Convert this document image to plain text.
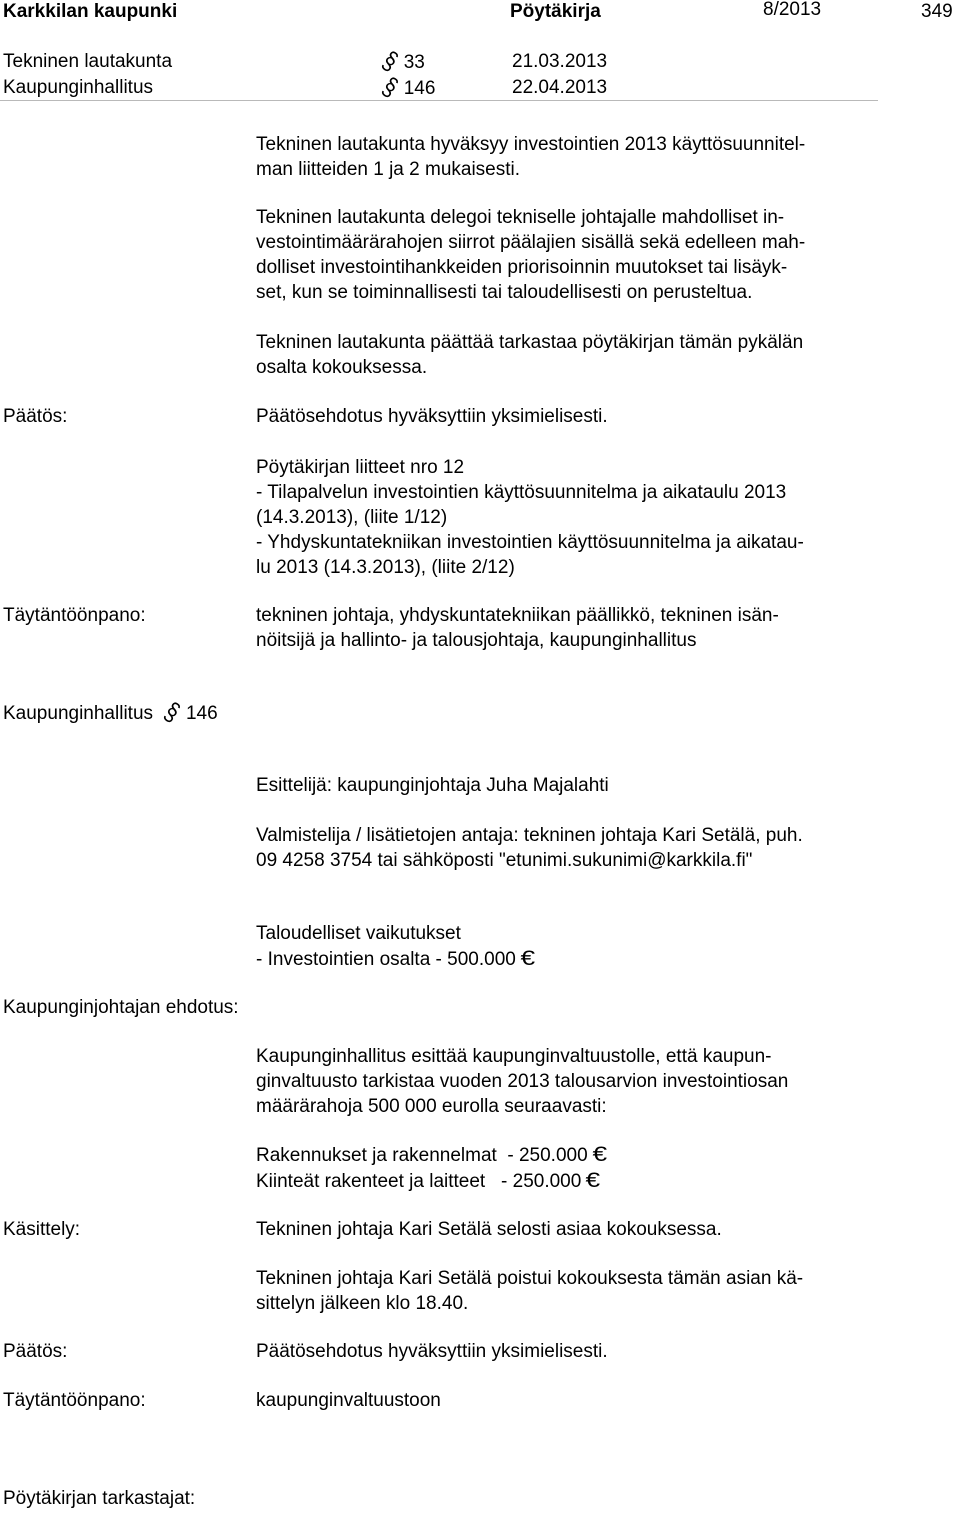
Karkkilan kaupunki	Pöytäkirja	8/2013	349
Tekninen lautakunta	§33	21.03.2013
Kaupunginhallitus	§146	22.04.2013
Tekninen lautakunta hyväksyy investointien 2013 käyttösuunnitel-
man liitteiden 1 ja 2 mukaisesti.
Tekninen lautakunta delegoi tekniselle johtajalle mahdolliset in-
vestointimäärärahojen siirrot päälajien sisällä sekä edelleen mah-
dolliset investointihankkeiden priorisoinnin muutokset tai lisäyk-
set, kun se toiminnallisesti tai taloudellisesti on perusteltua.
Tekninen lautakunta päättää tarkastaa pöytäkirjan tämän pykälän
osalta kokouksessa.
Päätös:	Päätösehdotus hyväksyttiin yksimielisesti.
Pöytäkirjan liitteet nro 12
- Tilapalvelun investointien käyttösuunnitelma ja aikataulu 2013
(14.3.2013), (liite 1/12)
- Yhdyskuntatekniikan investointien käyttösuunnitelma ja aikatau-
lu 2013 (14.3.2013), (liite 2/12)
Täytäntöönpano:	tekninen johtaja, yhdyskuntatekniikan päällikkö, tekninen isän-
nöitsijä ja hallinto- ja talousjohtaja, kaupunginhallitus
Kaupunginhallitus §146
Esittelijä: kaupunginjohtaja Juha Majalahti
Valmistelija / lisätietojen antaja: tekninen johtaja Kari Setälä, puh.
09 4258 3754 tai sähköposti "etunimi.sukunimi@karkkila.fi"
Taloudelliset vaikutukset
- Investointien osalta - 500.000 €
Kaupunginjohtajan ehdotus:
Kaupunginhallitus esittää kaupunginvaltuustolle, että kaupun-
ginvaltuusto tarkistaa vuoden 2013 talousarvion investointiosan
määrärahoja 500 000 eurolla seuraavasti:
Rakennukset ja rakennelmat  - 250.000 €
Kiinteät rakenteet ja laitteet   - 250.000 €
Käsittely:	Tekninen johtaja Kari Setälä selosti asiaa kokouksessa.
Tekninen johtaja Kari Setälä poistui kokouksesta tämän asian kä-
sittelyn jälkeen klo 18.40.
Päätös:	Päätösehdotus hyväksyttiin yksimielisesti.
Täytäntöönpano:	kaupunginvaltuustoon
Pöytäkirjan tarkastajat:
